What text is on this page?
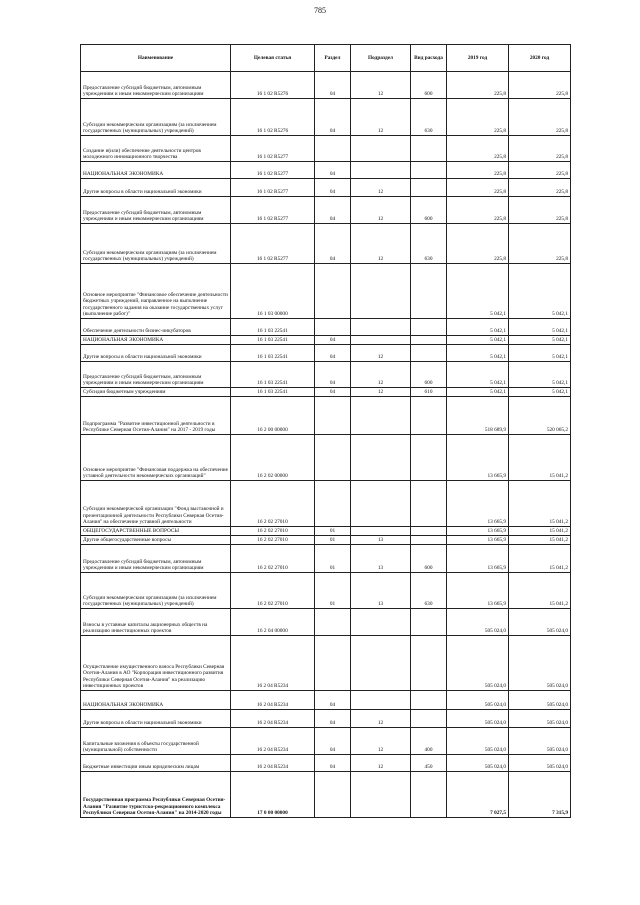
785
Наименование	Целевая статья	Раздел	Подраздел	Вид расхода	2019 год	2020 год
Предоставление субсидий бюджетным, автономным учреждениям и иным некоммерческим организациям	16 1 02 R5276	04	12	600	225,8	225,8
Субсидии некоммерческим организациям (за исключением государственных (муниципальных) учреждений)	16 1 02 R5276	04	12	630	225,8	225,8
Создание и(или) обеспечение деятельности центров молодежного инновационного творчества	16 1 02 R5277				225,8	225,8
НАЦИОНАЛЬНАЯ ЭКОНОМИКА	16 1 02 R5277	04			225,8	225,8
Другие вопросы в области национальной экономики	16 1 02 R5277	04	12		225,8	225,8
Предоставление субсидий бюджетным, автономным учреждениям и иным некоммерческим организациям	16 1 02 R5277	04	12	600	225,8	225,8
Субсидии некоммерческим организациям (за исключением государственных (муниципальных) учреждений)	16 1 02 R5277	04	12	630	225,8	225,8
Основное мероприятие "Финансовое обеспечение деятельности бюджетных учреждений, направленное на выполнение государственного задания на оказание государственных услуг (выполнение работ)"	16 1 03 00000				5 042,1	5 042,1
Обеспечение деятельности бизнес-инкубаторов	16 1 03 22541				5 042,1	5 042,1
НАЦИОНАЛЬНАЯ ЭКОНОМИКА	16 1 03 22541	04			5 042,1	5 042,1
Другие вопросы в области национальной экономики	16 1 03 22541	04	12		5 042,1	5 042,1
Предоставление субсидий бюджетным, автономным учреждениям и иным некоммерческим организациям	16 1 03 22541	04	12	600	5 042,1	5 042,1
Субсидии бюджетным учреждениям	16 1 03 22541	04	12	610	5 042,1	5 042,1
Подпрограмма "Развитие инвестиционной деятельности в Республике Северная Осетия-Алания" на 2017 - 2019 годы	16 2 00 00000				518 689,9	520 065,2
Основное мероприятие "Финансовая поддержка на обеспечение уставной деятельности некоммерческих организаций"	16 2 02 00000				13 665,9	15 041,2
Субсидии некоммерческой организации "Фонд выставочной и презентационной деятельности Республики Северная Осетия-Алания" на обеспечение уставной деятельности	16 2 02 27010				13 665,9	15 041,2
ОБЩЕГОСУДАРСТВЕННЫЕ ВОПРОСЫ	16 2 02 27010	01			13 665,9	15 041,2
Другие общегосударственные вопросы	16 2 02 27010	01	13		13 665,9	15 041,2
Предоставление субсидий бюджетным, автономным учреждениям и иным некоммерческим организациям	16 2 02 27010	01	13	600	13 665,9	15 041,2
Субсидии некоммерческим организациям (за исключением государственных (муниципальных) учреждений)	16 2 02 27010	01	13	630	13 665,9	15 041,2
Взносы в уставные капиталы акционерных обществ на реализацию инвестиционных проектов	16 2 04 00000				505 024,0	505 024,0
Осуществление имущественного взноса Республики Северная Осетия-Алания в АО "Корпорация инвестиционного развития Республики Северная Осетия-Алания" на реализацию инвестиционных проектов	16 2 04 R5234				505 024,0	505 024,0
НАЦИОНАЛЬНАЯ ЭКОНОМИКА	16 2 04 R5234	04			505 024,0	505 024,0
Другие вопросы в области национальной экономики	16 2 04 R5234	04	12		505 024,0	505 024,0
Капитальные вложения в объекты государственной (муниципальной) собственности	16 2 04 R5234	04	12	400	505 024,0	505 024,0
Бюджетные инвестиции иным юридическим лицам	16 2 04 R5234	04	12	450	505 024,0	505 024,0
Государственная программа Республики Северная Осетия-Алания "Развитие туристско-рекреационного комплекса Республики Северная Осетия-Алания" на 2014-2020 годы	17 0 00 00000				7 027,5	7 315,9
